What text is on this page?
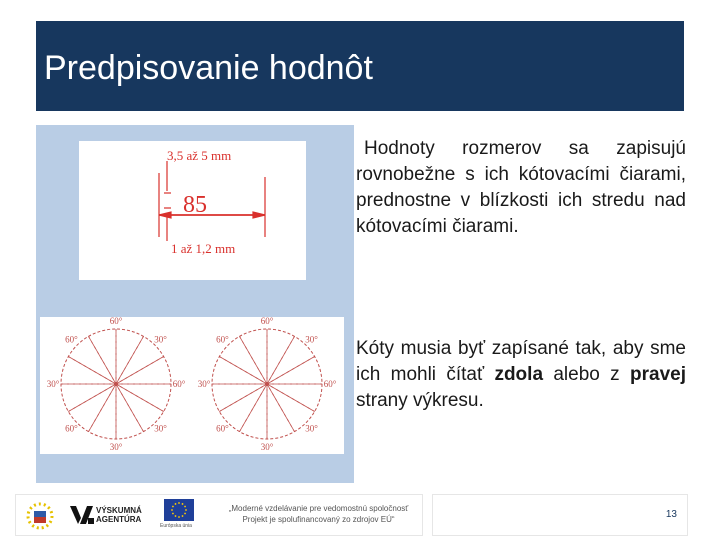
Predpisovanie hodnôt
3,5 až 5 mm
85
1 až 1,2 mm
60°
30°
60°
30°
30°
60°
30°
60°
60°
30°
60°
30°
30°
60°
30°
60°
Hodnoty rozmerov sa zapisujú rovnobežne s ich kótovacími čiarami, prednostne v blízkosti ich stredu nad kótovacími čiarami.
Kóty musia byť zapísané tak, aby sme ich mohli čítať zdola alebo z pravej strany výkresu.
VÝSKUMNÁ
AGENTÚRA
Európska únia
„Moderné vzdelávanie pre vedomostnú spoločnosť
Projekt je spolufinancovaný zo zdrojov EÚ“	13
